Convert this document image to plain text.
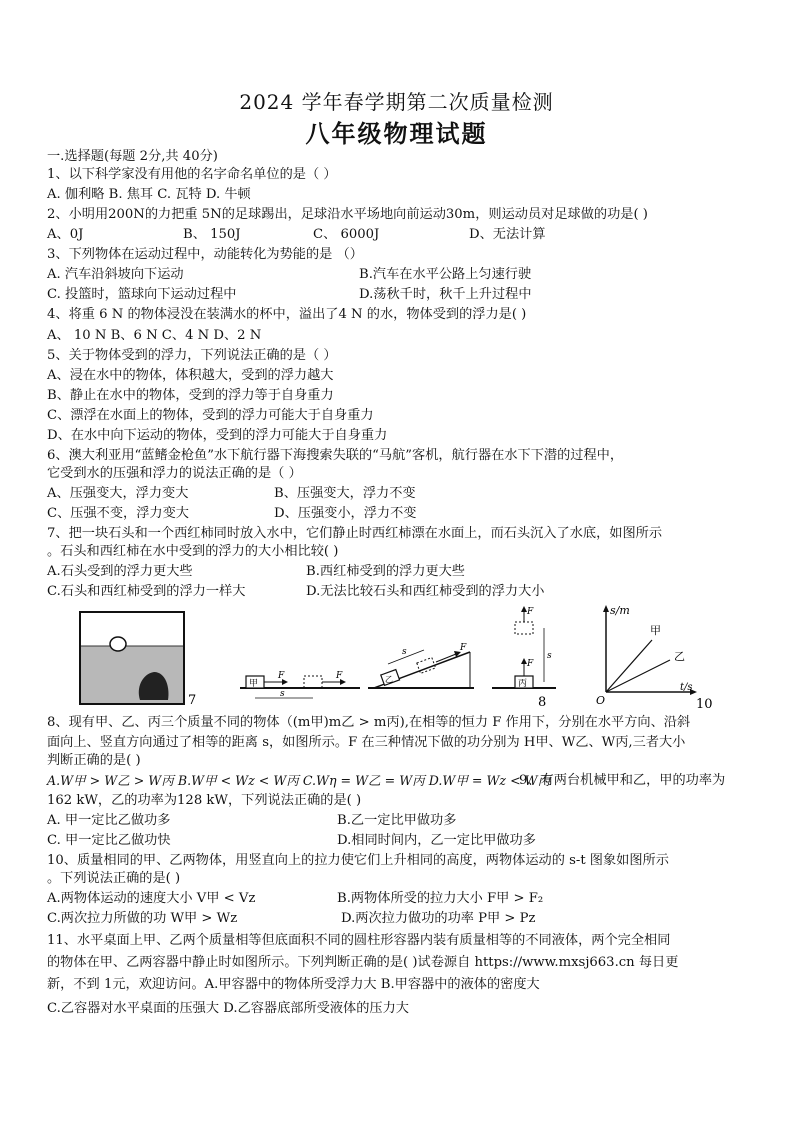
2024 学年春学期第二次质量检测
八年级物理试题
一.选择题(每题 2分,共 40分)
1、以下科学家没有用他的名字命名单位的是（ ）
A. 伽利略 B. 焦耳 C. 瓦特 D. 牛顿
2、小明用200N的力把重 5N的足球踢出，足球沿水平场地向前运动30m，则运动员对足球做的功是( )
A、0J	B、 150J	C、 6000J	D、无法计算
3、下列物体在运动过程中，动能转化为势能的是 （）
A. 汽车沿斜坡向下运动	B.汽车在水平公路上匀速行驶
C. 投篮时，篮球向下运动过程中	D.荡秋千时，秋千上升过程中
4、将重 6 N 的物体浸没在装满水的杯中，溢出了4 N 的水，物体受到的浮力是( )
A、 10 N B、6 N C、4 N D、2 N
5、关于物体受到的浮力，下列说法正确的是（ ）
A、浸在水中的物体，体积越大，受到的浮力越大
B、静止在水中的物体，受到的浮力等于自身重力
C、漂浮在水面上的物体，受到的浮力可能大于自身重力
D、在水中向下运动的物体，受到的浮力可能大于自身重力
6、澳大利亚用“蓝鳍金枪鱼”水下航行器下海搜索失联的“马航”客机，航行器在水下下潜的过程中，
它受到水的压强和浮力的说法正确的是（ ）
A、压强变大，浮力变大	B、压强变大，浮力不变
C、压强不变，浮力变大	D、压强变小，浮力不变
7、把一块石头和一个西红柿同时放入水中，它们静止时西红柿漂在水面上，而石头沉入了水底，如图所示
。石头和西红柿在水中受到的浮力的大小相比较( )
A.石头受到的浮力更大些	B.西红柿受到的浮力更大些
C.石头和西红柿受到的浮力一样大	D.无法比较石头和西红柿受到的浮力大小
7
甲
F	F
s
乙
F
s
丙
F
F
s
8
s/m
t/s
O
甲
乙
10
8、现有甲、乙、丙三个质量不同的物体（(m甲)m乙 > m丙),在相等的恒力 F 作用下，分别在水平方向、沿斜
面向上、竖直方向通过了相等的距离 s，如图所示。F 在三种情况下做的功分别为 H甲、W乙、W丙,三者大小
判断正确的是( )
A.W甲 > W乙 > W丙 B.W甲 < Wz < W丙 C.Wη = W乙 = W丙 D.W甲 = Wz < W丙
9、有两台机械甲和乙，甲的功率为
162 kW，乙的功率为128 kW，下列说法正确的是( )
A. 甲一定比乙做功多	B.乙一定比甲做功多
C. 甲一定比乙做功快	D.相同时间内，乙一定比甲做功多
10、质量相同的甲、乙两物体，用竖直向上的拉力使它们上升相同的高度，两物体运动的 s-t 图象如图所示
。下列说法正确的是( )
A.两物体运动的速度大小 V甲 < Vz	B.两物体所受的拉力大小 F甲 > F₂
C.两次拉力所做的功 W甲 > Wz	D.两次拉力做功的功率 P甲 > Pz
11、水平桌面上甲、乙两个质量相等但底面积不同的圆柱形容器内装有质量相等的不同液体，两个完全相同
的物体在甲、乙两容器中静止时如图所示。下列判断正确的是( )试卷源自 https://www.mxsj663.cn 每日更
新，不到 1元，欢迎访问。A.甲容器中的物体所受浮力大 B.甲容器中的液体的密度大
C.乙容器对水平桌面的压强大 D.乙容器底部所受液体的压力大
